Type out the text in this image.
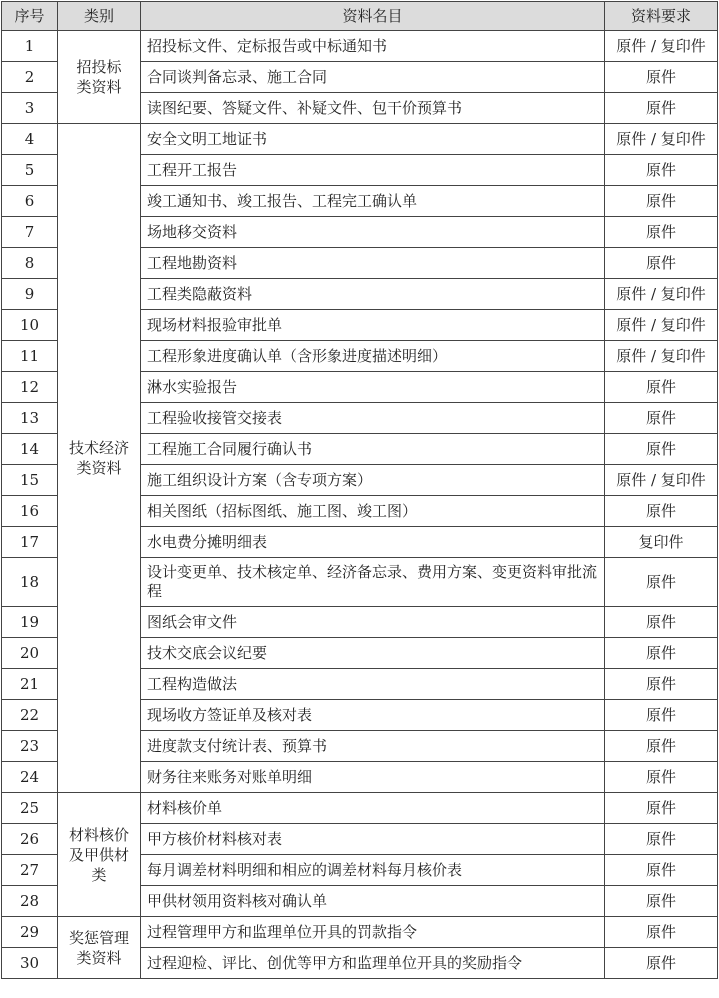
序号	类别	资料名目	资料要求
1	招投标类资料	招投标文件、定标报告或中标通知书	原件 / 复印件
2		合同谈判备忘录、施工合同	原件
3		读图纪要、答疑文件、补疑文件、包干价预算书	原件
4	技术经济类资料	安全文明工地证书	原件 / 复印件
5		工程开工报告	原件
6		竣工通知书、竣工报告、工程完工确认单	原件
7		场地移交资料	原件
8		工程地勘资料	原件
9		工程类隐蔽资料	原件 / 复印件
10		现场材料报验审批单	原件 / 复印件
11		工程形象进度确认单（含形象进度描述明细）	原件 / 复印件
12		淋水实验报告	原件
13		工程验收接管交接表	原件
14		工程施工合同履行确认书	原件
15		施工组织设计方案（含专项方案）	原件 / 复印件
16		相关图纸（招标图纸、施工图、竣工图）	原件
17		水电费分摊明细表	复印件
18		设计变更单、技术核定单、经济备忘录、费用方案、变更资料审批流程	原件
19		图纸会审文件	原件
20		技术交底会议纪要	原件
21		工程构造做法	原件
22		现场收方签证单及核对表	原件
23		进度款支付统计表、预算书	原件
24		财务往来账务对账单明细	原件
25	材料核价及甲供材类	材料核价单	原件
26		甲方核价材料核对表	原件
27		每月调差材料明细和相应的调差材料每月核价表	原件
28		甲供材领用资料核对确认单	原件
29	奖惩管理类资料	过程管理甲方和监理单位开具的罚款指令	原件
30		过程迎检、评比、创优等甲方和监理单位开具的奖励指令	原件
